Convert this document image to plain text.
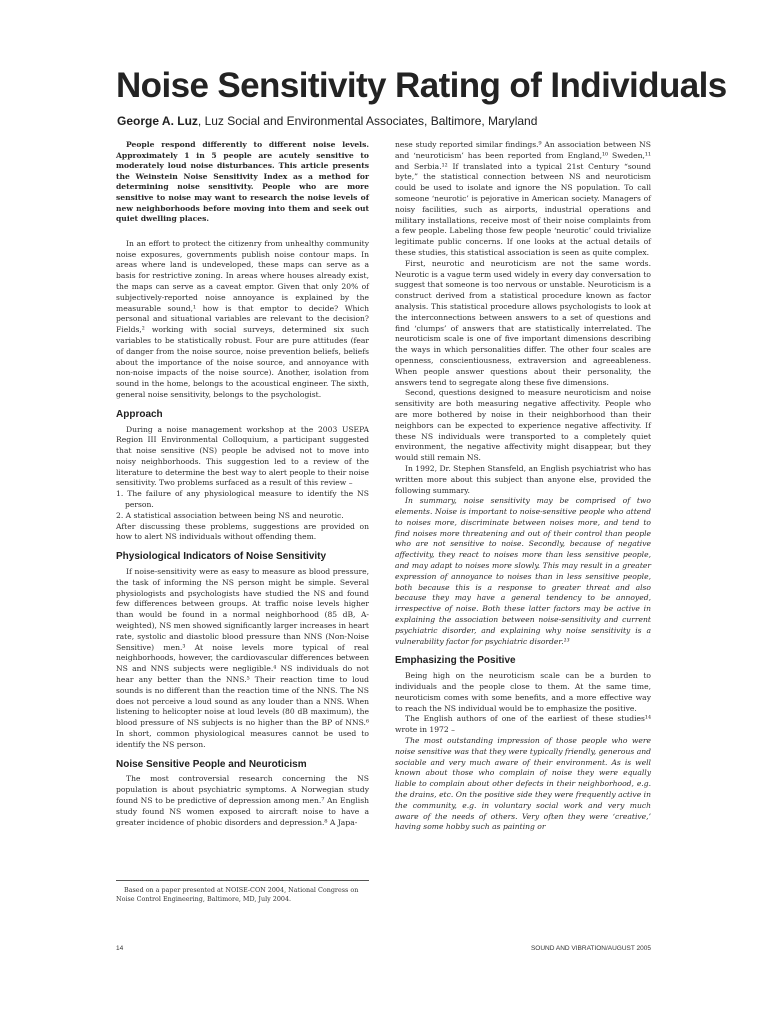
Noise Sensitivity Rating of Individuals
George A. Luz, Luz Social and Environmental Associates, Baltimore, Maryland

People respond differently to different noise levels. Approximately 1 in 5 people are acutely sensitive to moderately loud noise disturbances. This article presents the Weinstein Noise Sensitivity Index as a method for determining noise sensitivity. People who are more sensitive to noise may want to research the noise levels of new neighborhoods before moving into them and seek out quiet dwelling places.

In an effort to protect the citizenry from unhealthy community noise exposures, governments publish noise contour maps. In areas where land is undeveloped, these maps can serve as a basis for restrictive zoning. In areas where houses already exist, the maps can serve as a caveat emptor. Given that only 20% of subjectively-reported noise annoyance is explained by the measurable sound,¹ how is that emptor to decide? Which personal and situational variables are relevant to the decision? Fields,² working with social surveys, determined six such variables to be statistically robust. Four are pure attitudes (fear of danger from the noise source, noise prevention beliefs, beliefs about the importance of the noise source, and annoyance with non-noise impacts of the noise source). Another, isolation from sound in the home, belongs to the acoustical engineer. The sixth, general noise sensitivity, belongs to the psychologist.

Approach

During a noise management workshop at the 2003 USEPA Region III Environmental Colloquium, a participant suggested that noise sensitive (NS) people be advised not to move into noisy neighborhoods. This suggestion led to a review of the literature to determine the best way to alert people to their noise sensitivity. Two problems surfaced as a result of this review –

1. The failure of any physiological measure to identify the NS person.
2. A statistical association between being NS and neurotic.

After discussing these problems, suggestions are provided on how to alert NS individuals without offending them.

Physiological Indicators of Noise Sensitivity

If noise-sensitivity were as easy to measure as blood pressure, the task of informing the NS person might be simple. Several physiologists and psychologists have studied the NS and found few differences between groups. At traffic noise levels higher than would be found in a normal neighborhood (85 dB, A-weighted), NS men showed significantly larger increases in heart rate, systolic and diastolic blood pressure than NNS (Non-Noise Sensitive) men.³ At noise levels more typical of real neighborhoods, however, the cardiovascular differences between NS and NNS subjects were negligible.⁴ NS individuals do not hear any better than the NNS.⁵ Their reaction time to loud sounds is no different than the reaction time of the NNS. The NS does not perceive a loud sound as any louder than a NNS. When listening to helicopter noise at loud levels (80 dB maximum), the blood pressure of NS subjects is no higher than the BP of NNS.⁶ In short, common physiological measures cannot be used to identify the NS person.

Noise Sensitive People and Neuroticism

The most controversial research concerning the NS population is about psychiatric symptoms. A Norwegian study found NS to be predictive of depression among men.⁷ An English study found NS women exposed to aircraft noise to have a greater incidence of phobic disorders and depression.⁸ A Japa-

Based on a paper presented at NOISE-CON 2004, National Congress on Noise Control Engineering, Baltimore, MD, July 2004.

nese study reported similar findings.⁹ An association between NS and ‘neuroticism’ has been reported from England,¹⁰ Sweden,¹¹ and Serbia.¹² If translated into a typical 21st Century “sound byte,” the statistical connection between NS and neuroticism could be used to isolate and ignore the NS population. To call someone ‘neurotic’ is pejorative in American society. Managers of noisy facilities, such as airports, industrial operations and military installations, receive most of their noise complaints from a few people. Labeling those few people ‘neurotic’ could trivialize legitimate public concerns. If one looks at the actual details of these studies, this statistical association is seen as quite complex.

First, neurotic and neuroticism are not the same words. Neurotic is a vague term used widely in every day conversation to suggest that someone is too nervous or unstable. Neuroticism is a construct derived from a statistical procedure known as factor analysis. This statistical procedure allows psychologists to look at the interconnections between answers to a set of questions and find ‘clumps’ of answers that are statistically interrelated. The neuroticism scale is one of five important dimensions describing the ways in which personalities differ. The other four scales are openness, conscientiousness, extraversion and agreeableness. When people answer questions about their personality, the answers tend to segregate along these five dimensions.

Second, questions designed to measure neuroticism and noise sensitivity are both measuring negative affectivity. People who are more bothered by noise in their neighborhood than their neighbors can be expected to experience negative affectivity. If these NS individuals were transported to a completely quiet environment, the negative affectivity might disappear, but they would still remain NS.

In 1992, Dr. Stephen Stansfeld, an English psychiatrist who has written more about this subject than anyone else, provided the following summary.

In summary, noise sensitivity may be comprised of two elements. Noise is important to noise-sensitive people who attend to noises more, discriminate between noises more, and tend to find noises more threatening and out of their control than people who are not sensitive to noise. Secondly, because of negative affectivity, they react to noises more than less sensitive people, and may adapt to noises more slowly. This may result in a greater expression of annoyance to noises than in less sensitive people, both because this is a response to greater threat and also because they may have a general tendency to be annoyed, irrespective of noise. Both these latter factors may be active in explaining the association between noise-sensitivity and current psychiatric disorder, and explaining why noise sensitivity is a vulnerability factor for psychiatric disorder.¹³

Emphasizing the Positive

Being high on the neuroticism scale can be a burden to individuals and the people close to them. At the same time, neuroticism comes with some benefits, and a more effective way to reach the NS individual would be to emphasize the positive.

The English authors of one of the earliest of these studies¹⁴ wrote in 1972 –

The most outstanding impression of those people who were noise sensitive was that they were typically friendly, generous and sociable and very much aware of their environment. As is well known about those who complain of noise they were equally liable to complain about other defects in their neighborhood, e.g. the drains, etc. On the positive side they were frequently active in the community, e.g. in voluntary social work and very much aware of the needs of others. Very often they were ‘creative,’ having some hobby such as painting or

14	SOUND AND VIBRATION/AUGUST 2005
